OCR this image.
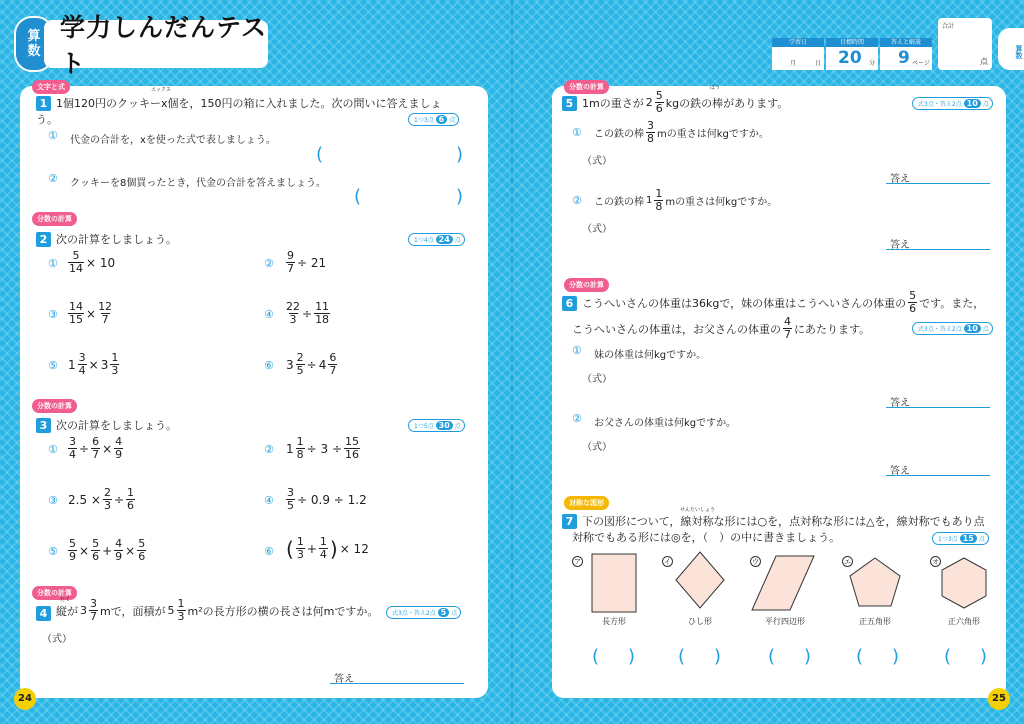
算数
学力しんだんテスト
学習日
月	日
目標時間
20 分
答えと解説
9 ページ
合計
点
算数
文字と式
1
エックス
1個120円のクッキーx個を，150円の箱に入れました。次の問いに答えましょ
う。	1つ3点 6 点
① 代金の合計を，xを使った式で表しましょう。
(	)
② クッキーを8個買ったとき，代金の合計を答えましょう。
(	)
分数の計算
2 次の計算をしましょう。	1つ4点 24 点
① $\frac{5}{14} \times 10$	② $\frac{9}{7} \div 21$
③ $\frac{14}{15} \times \frac{12}{7}$	④ $\frac{22}{3} \div \frac{11}{18}$
⑤ $1 \frac{3}{4} \times 3 \frac{1}{3}$	⑥ $3 \frac{2}{5} \div 4 \frac{6}{7}$
分数の計算
3 次の計算をしましょう。	1つ5点 30 点
① $\frac{3}{4} \div \frac{6}{7} \times \frac{4}{9}$	② $1 \frac{1}{8} \div 3 \div \frac{15}{16}$
③ $2.5 \times \frac{2}{3} \div \frac{1}{6}$	④ $\frac{3}{5} \div 0.9 \div 1.2$
⑤ $\frac{5}{9} \times \frac{5}{6} + \frac{4}{9} \times \frac{5}{6}$	⑥ ( $\frac{1}{3} + \frac{1}{4}$ ) × 12
分数の計算
4
たて
縦が $3 \frac{3}{7}$ mで，面積が $5 \frac{1}{3} m^2$の長方形の横の長さは何mですか。 式3点・答え2点 5 点
（式）
答え
24
分数の計算
5
ぼう
1mの重さが $2 \frac{5}{6}$ kgの鉄の棒があります。	式3点・答え2点 10 点
① この鉄の棒 $\frac{3}{8}$ mの重さは何kgですか。
（式）
答え
② この鉄の棒 $1 \frac{1}{8}$ mの重さは何kgですか。
（式）
答え
分数の計算
6 こうへいさんの体重は36kgで，妹の体重はこうへいさんの体重の $\frac{5}{6}$ です。また，
こうへいさんの体重は，お父さんの体重の $\frac{4}{7}$ にあたります。	式3点・答え2点 10 点
① 妹の体重は何kgですか。
（式）
答え
② お父さんの体重は何kgですか。
（式）
答え
対称な図形
7
せんたいしょう
下の図形について，線対称な形には○を，点対称な形には△を，線対称でもあり点
対称でもある形には◎を，（　）の中に書きましょう。	1つ3点 15 点
ア	イ	ウ	エ	オ
長方形	ひし形	平行四辺形	正五角形	正六角形
( ) ( )	( ) ( ) ( )
25
